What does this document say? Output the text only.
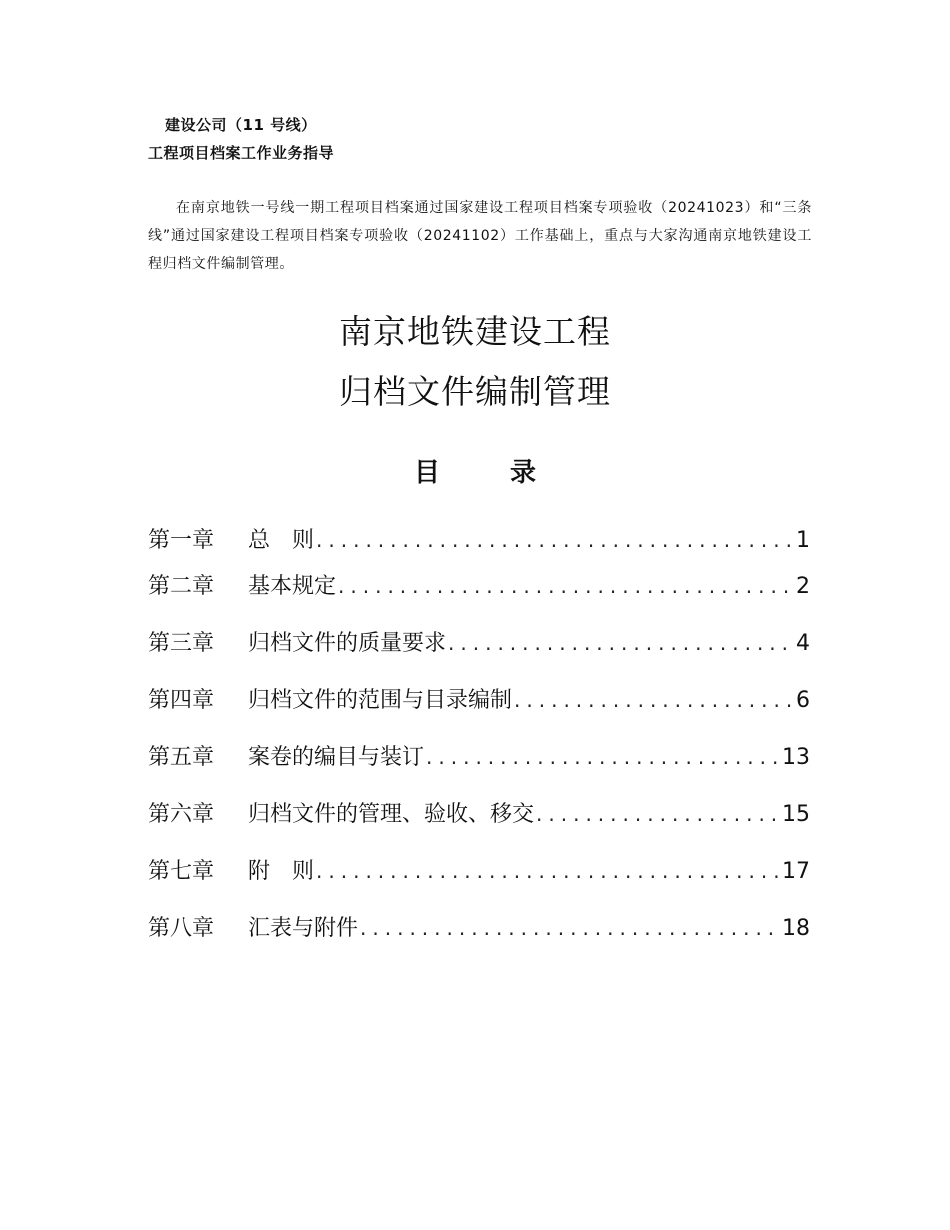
建设公司（11 号线）
工程项目档案工作业务指导

在南京地铁一号线一期工程项目档案通过国家建设工程项目档案专项验收（20241023）和“三条线”通过国家建设工程项目档案专项验收（20241102）工作基础上，重点与大家沟通南京地铁建设工程归档文件编制管理。

南京地铁建设工程
归档文件编制管理
目	录
第一章	总　则 .....	1
第二章	基本规定 .....	2
第三章	归档文件的质量要求 .....	4
第四章	归档文件的范围与目录编制 .....	6
第五章	案卷的编目与装订 .....	13
第六章	归档文件的管理、验收、移交 .....	15
第七章	附　则 .....	17
第八章	汇表与附件 .....	18
